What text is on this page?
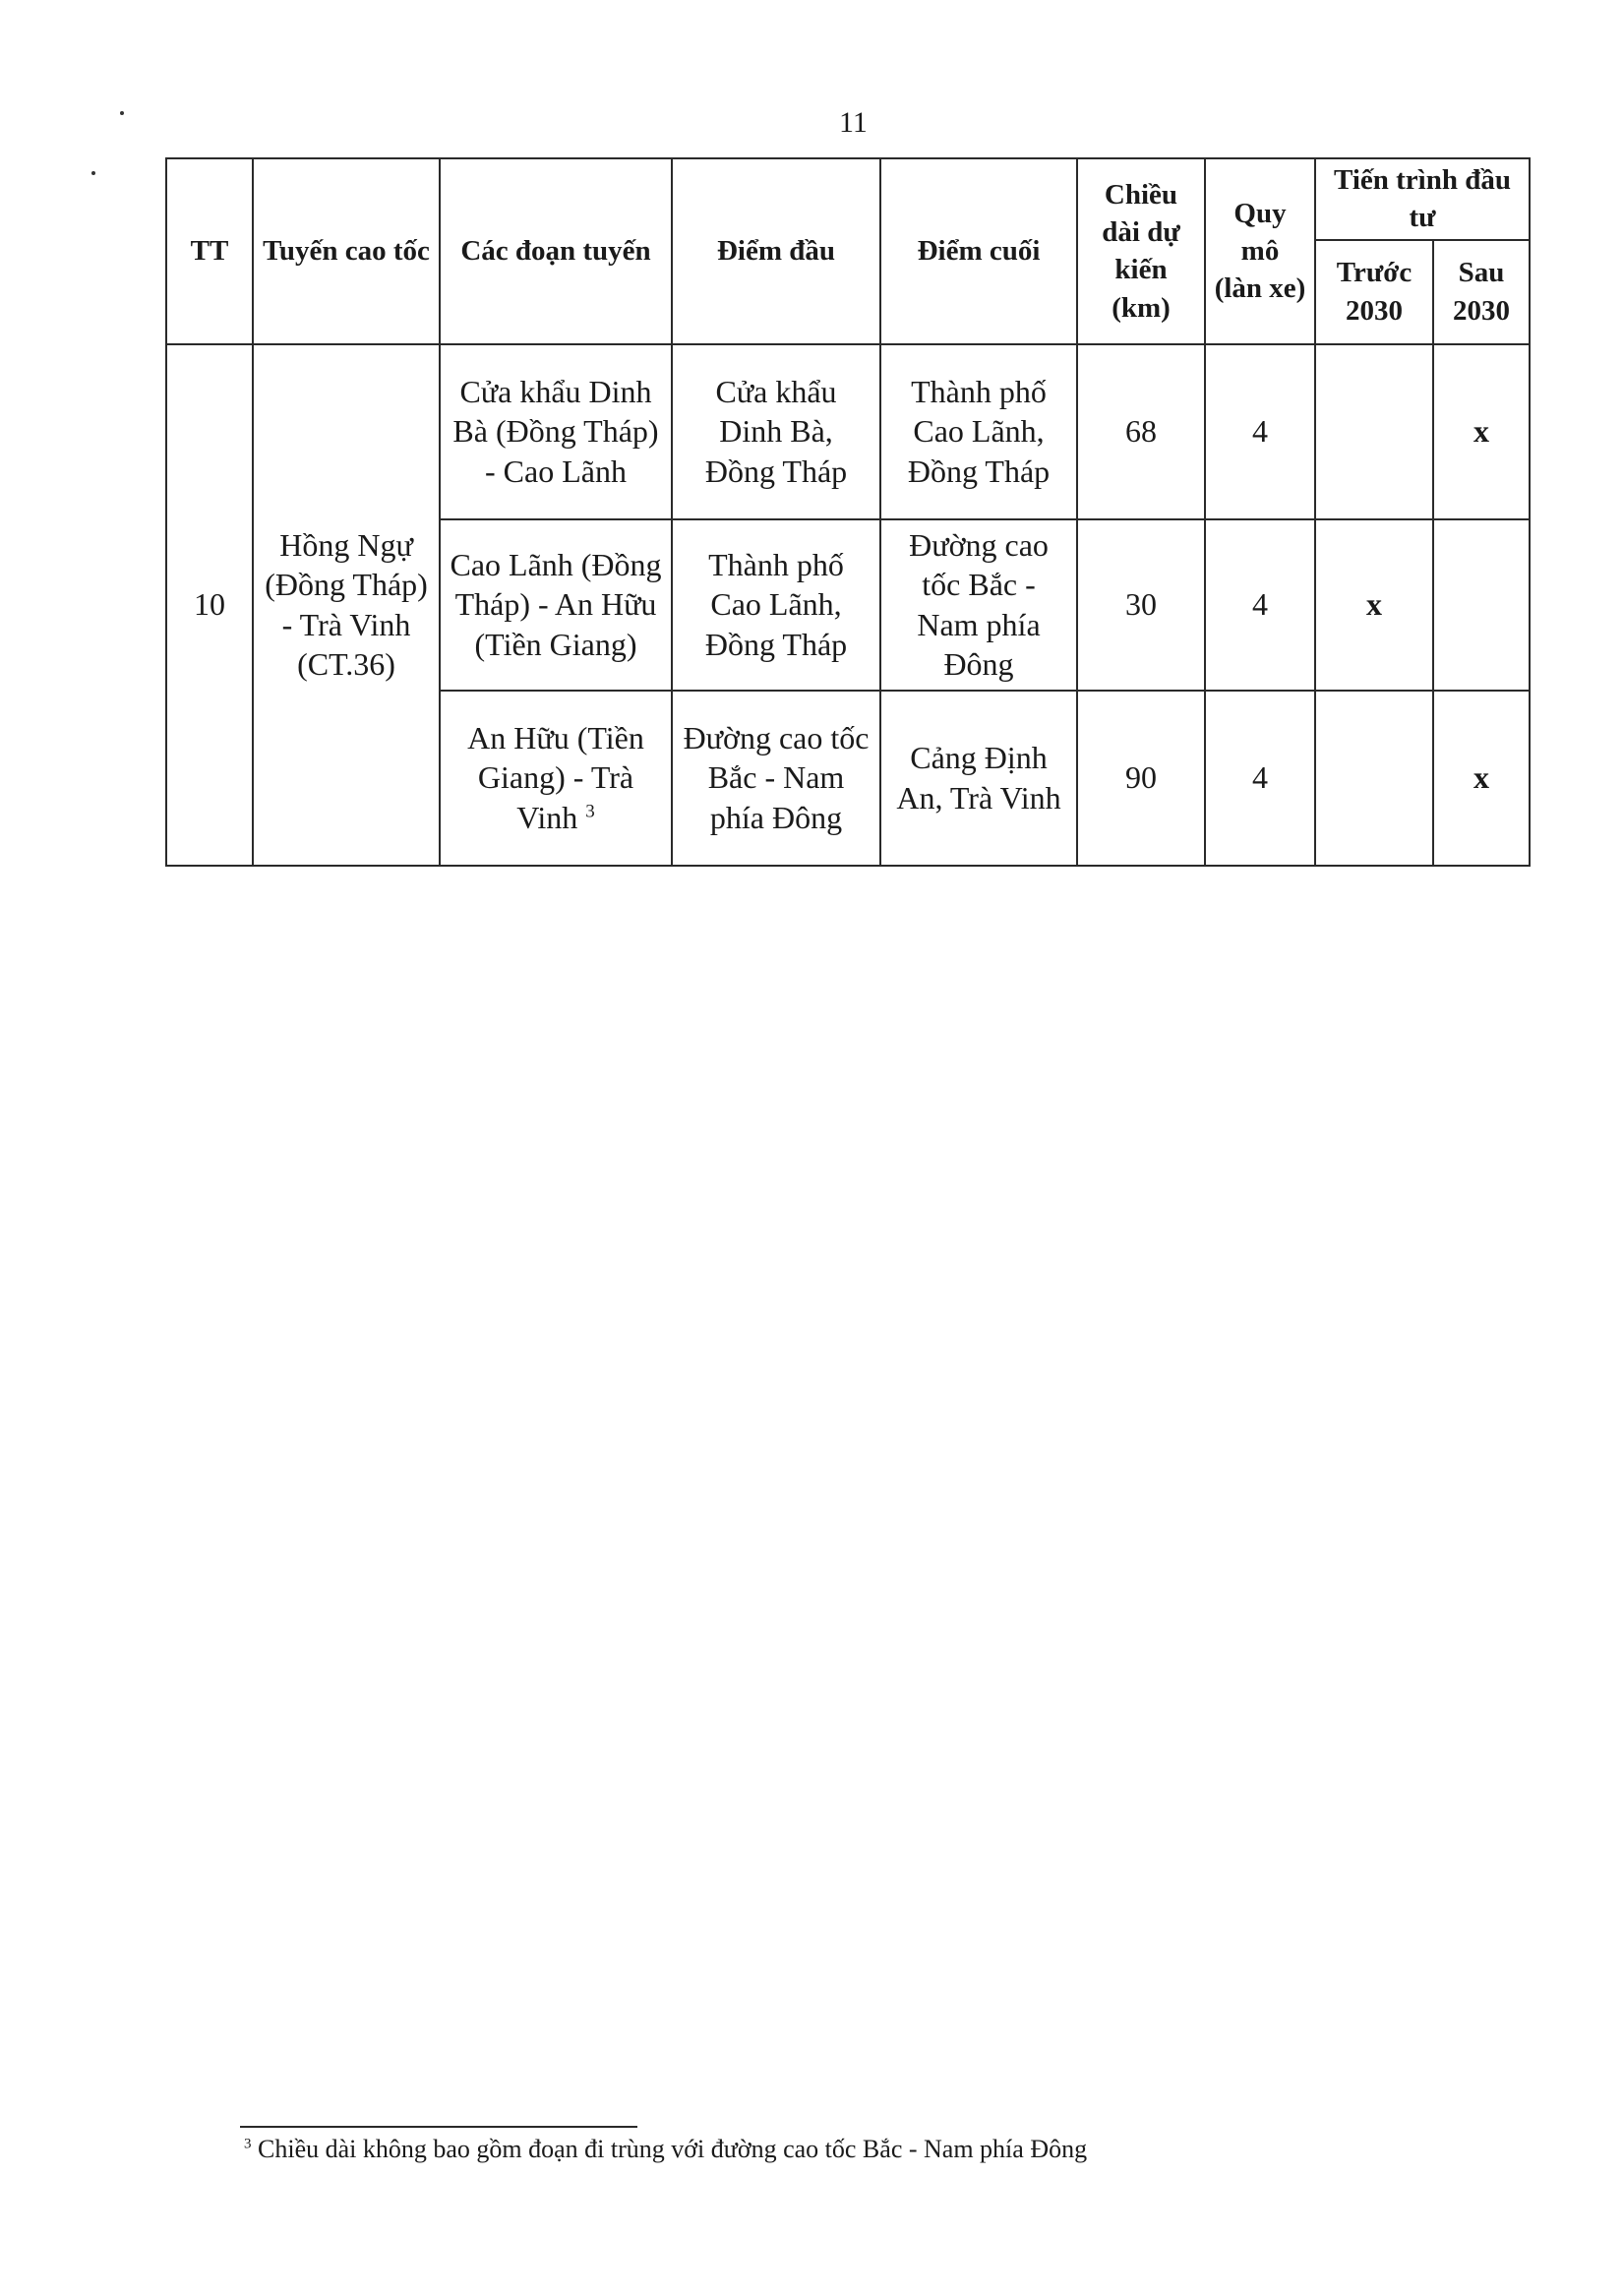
11
TT	Tuyến cao tốc	Các đoạn tuyến	Điểm đầu	Điểm cuối	Chiều dài dự kiến (km)	Quy mô (làn xe)	Tiến trình đầu tư	
							Trước 2030	Sau 2030
10	Hồng Ngự (Đồng Tháp) - Trà Vinh (CT.36)	Cửa khẩu Dinh Bà (Đồng Tháp) - Cao Lãnh	Cửa khẩu Dinh Bà, Đồng Tháp	Thành phố Cao Lãnh, Đồng Tháp	68	4		x
		Cao Lãnh (Đồng Tháp) - An Hữu (Tiền Giang)	Thành phố Cao Lãnh, Đồng Tháp	Đường cao tốc Bắc - Nam phía Đông	30	4	x	
		An Hữu (Tiền Giang) - Trà Vinh $^3$	Đường cao tốc Bắc - Nam phía Đông	Cảng Định An, Trà Vinh	90	4		x
$^3$ Chiều dài không bao gồm đoạn đi trùng với đường cao tốc Bắc - Nam phía Đông
